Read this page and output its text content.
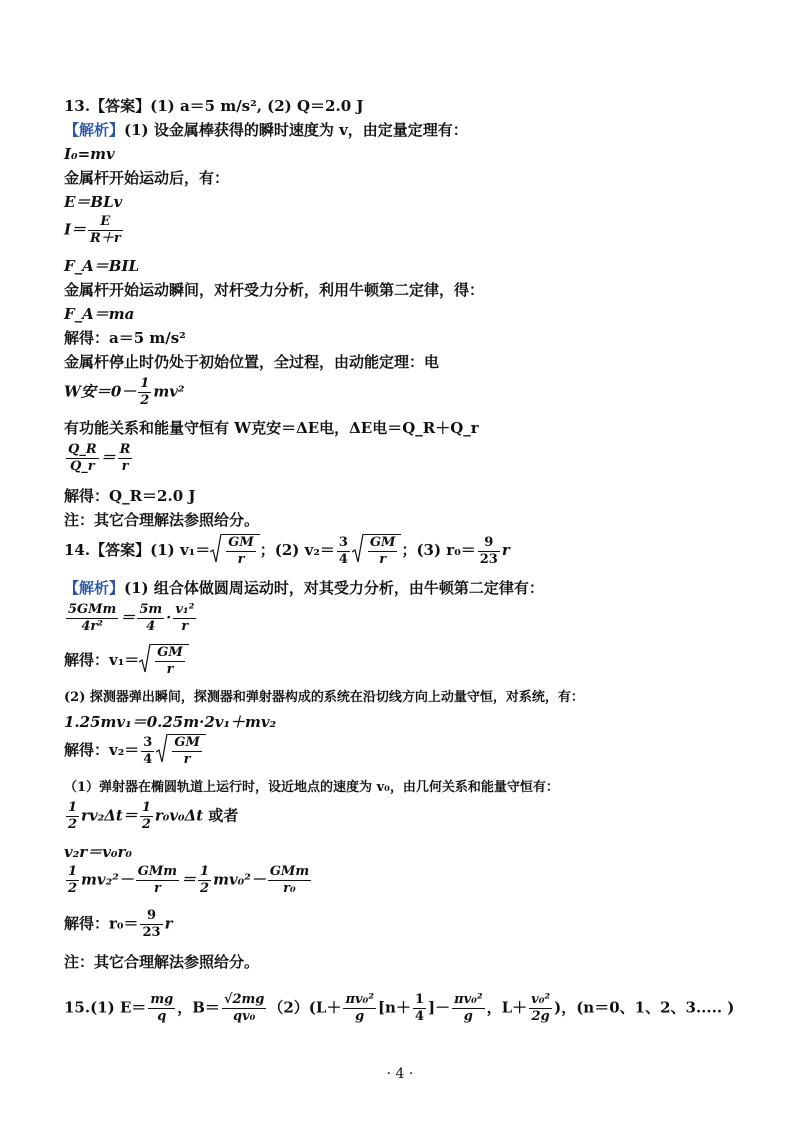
13.【答案】(1) a＝5 m/s², (2) Q＝2.0 J
【解析】(1) 设金属棒获得的瞬时速度为 v，由定量定理有：
I₀=mv
金属杆开始运动后，有：
E＝BLv
$I= \frac{E}{R+r}$
F_A＝BIL
金属杆开始运动瞬间，对杆受力分析，利用牛顿第二定律，得：
F_A＝ma
解得：a＝5 m/s²
金属杆停止时仍处于初始位置，全过程，由动能定理：电
W安$=0- \frac{1}{2} mv^2$
有功能关系和能量守恒有 W克安＝ΔE电，ΔE电＝Q_R＋Q_r
$\frac{Q\_R}{Q\_r} = \frac{R}{r}$
解得：Q_R＝2.0 J
注：其它合理解法参照给分。
14.【答案】(1) $v_1= \frac{GM}{r}$ ；(2) $v_2= \frac{3}{4} \frac{GM}{r}$ ；(3) $r_0= \frac{9}{23}$ r
【解析】(1) 组合体做圆周运动时，对其受力分析，由牛顿第二定律有：
$\frac{\text{5GMm}}{\text{4r²}} = \frac{5m}{4} \cdot \frac{\text{v₁²}}{r}$
解得：$v_1= \frac{GM}{r}$
(2) 探测器弹出瞬间，探测器和弹射器构成的系统在沿切线方向上动量守恒，对系统，有：
1.25mv₁＝0.25m·2v₁＋mv₂
解得：$v_2= \frac{3}{4} \frac{GM}{r}$
（1）弹射器在椭圆轨道上运行时，设近地点的速度为 v₀，由几何关系和能量守恒有：
$\frac{1}{2} rv_2\Delta t= \frac{1}{2} r_0v_0\Delta t$ 或者
v₂r＝v₀r₀
$\frac{1}{2} mv_2^2- \frac{\text{GMm}}{r} = \frac{1}{2} mv_0^2- \frac{\text{GMm}}{\text{r₀}}$
解得：$r_0= \frac{9}{23}$ r
注：其它合理解法参照给分。
15.(1) $E= \frac{mg}{q}$ ，$B= \frac{√2mg}{\text{qv₀}} (2)(L+ \frac{\text{πv₀²}}{g} [n+ \frac{1}{4}$ ]－ $\frac{\text{πv₀²}}{g}$ ，$L+ \frac{\text{v₀²}}{2g}$ )，(n＝0、1、2、3..... )
· 4 ·
